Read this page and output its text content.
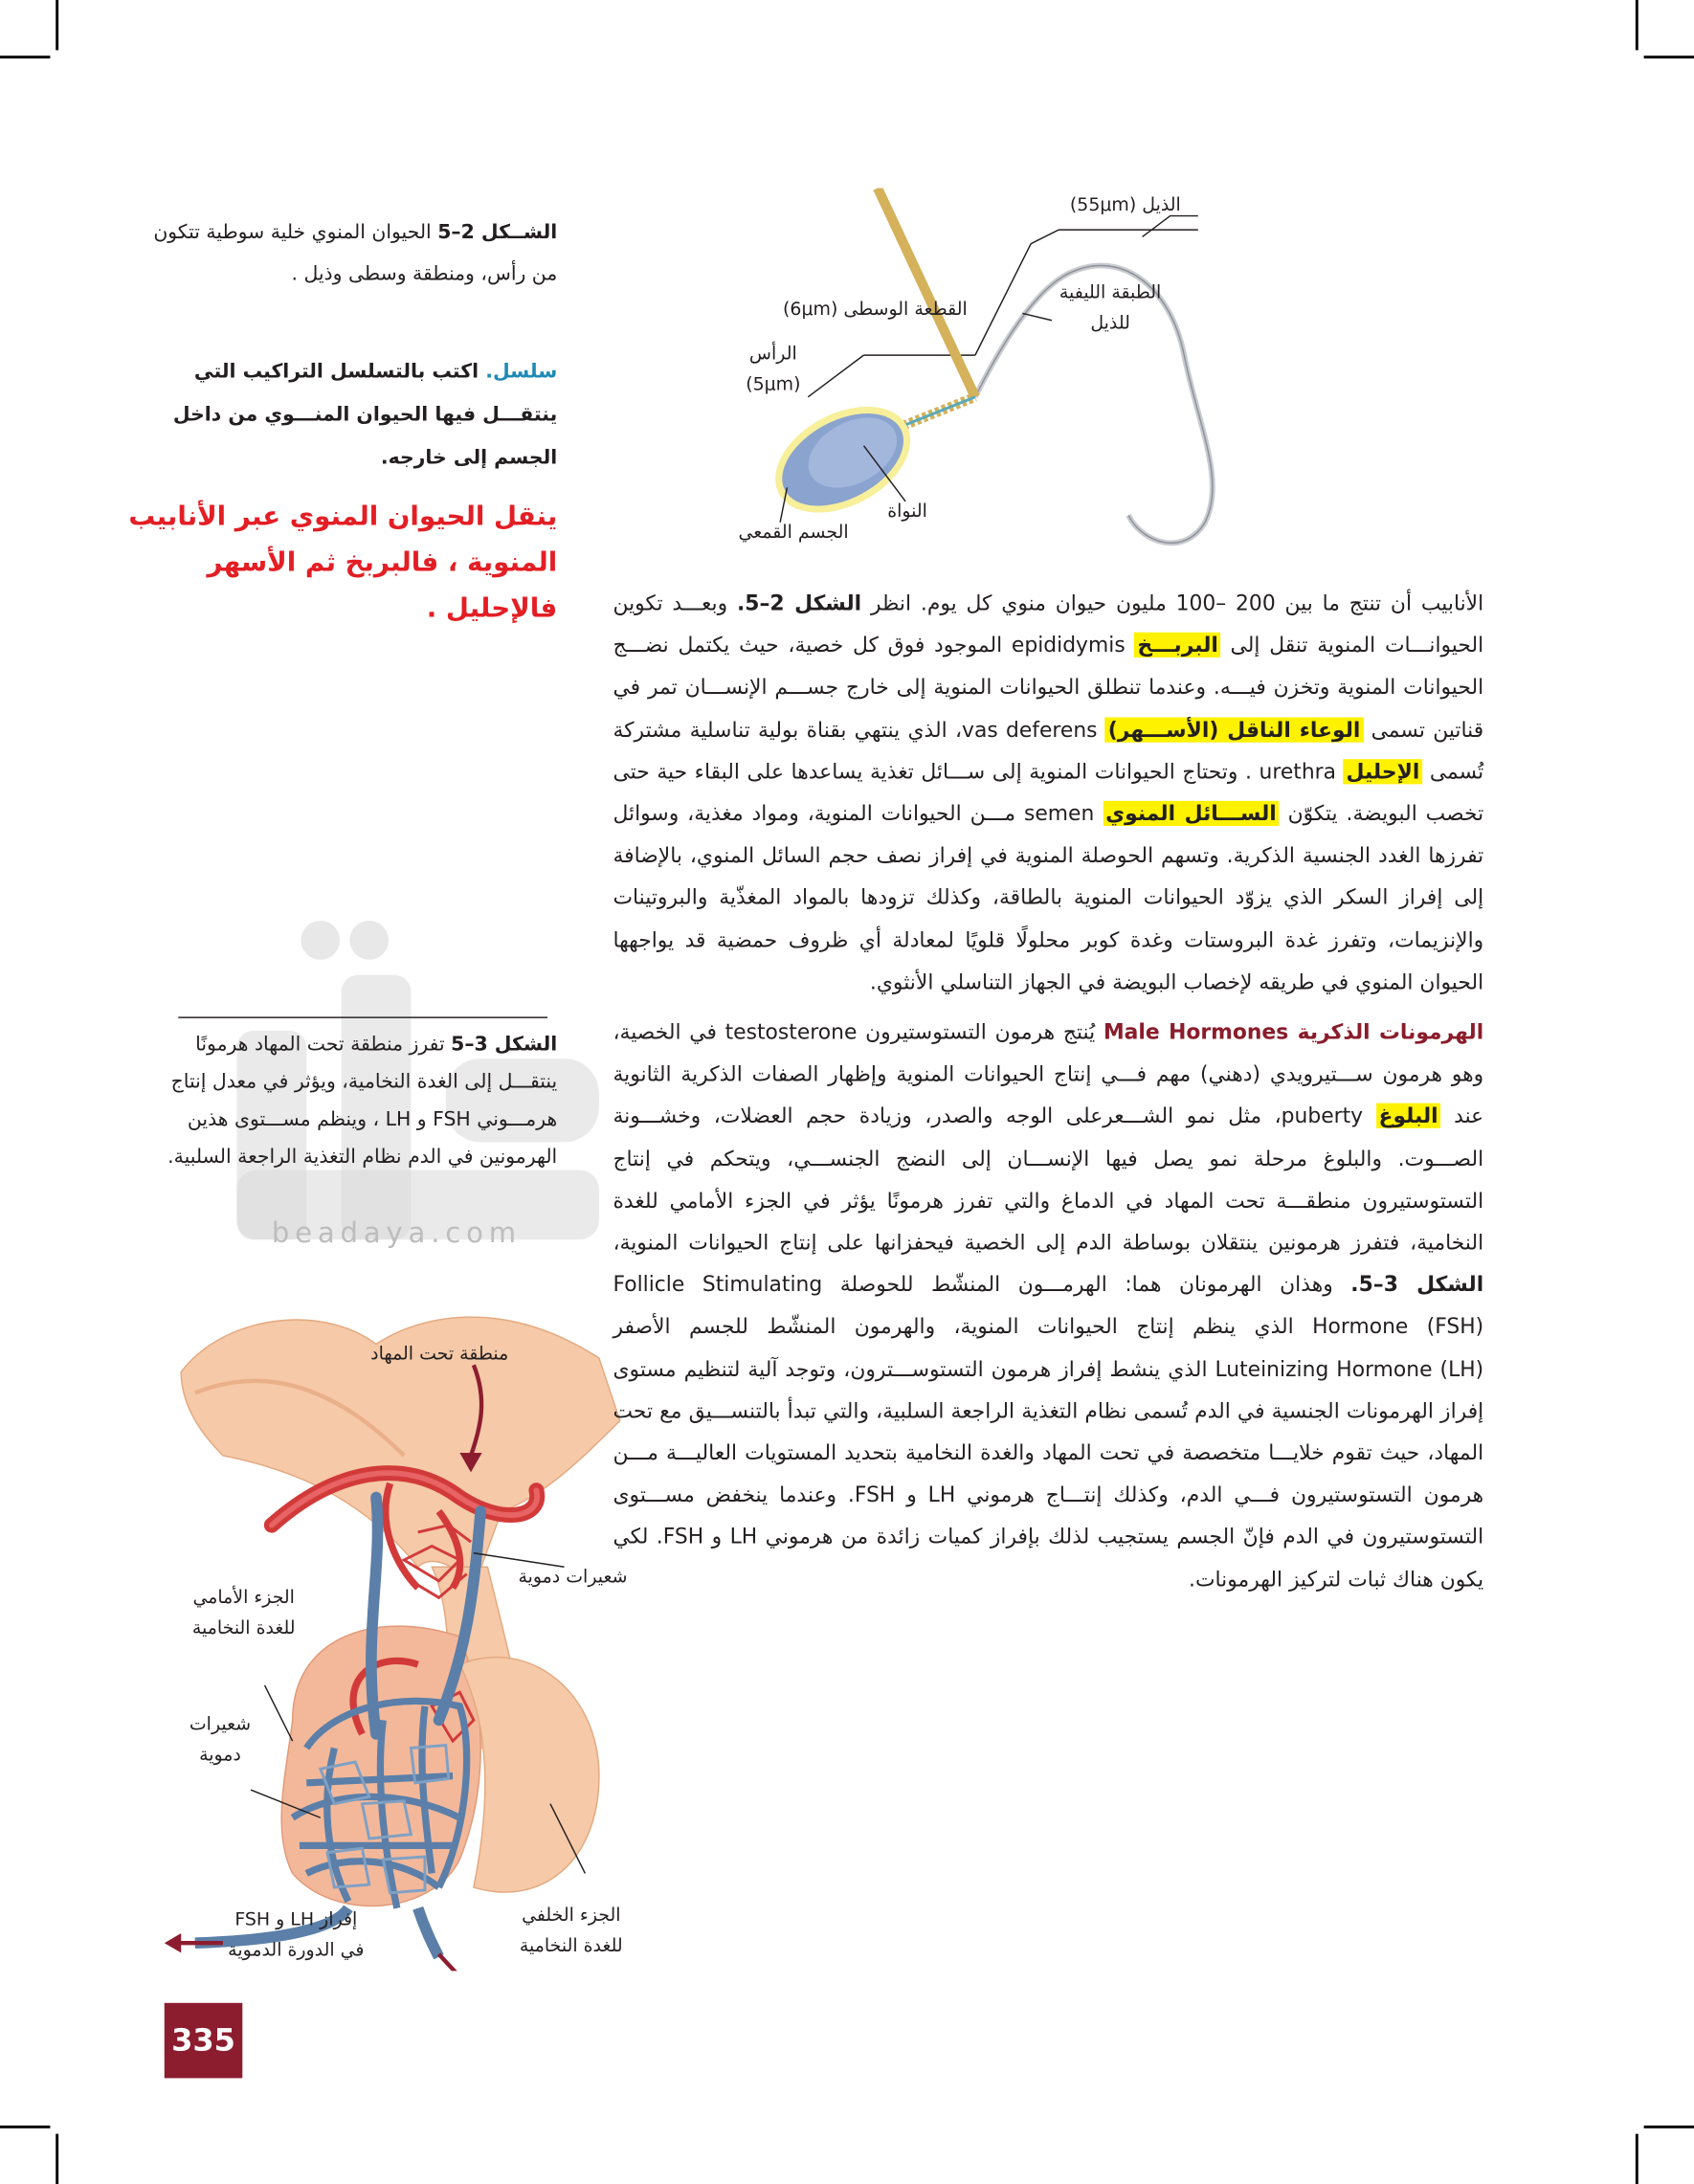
beadaya.com
الذيل (55μm)
القطعة الوسطى (6μm)
الرأس
(5μm)
الطبقة الليفية
للذيل
النواة
الجسم القمعي
الشــكل 2–5 الحيوان المنوي خلية سوطية تتكون من رأس، ومنطقة وسطى وذيل .
سلسل. اكتب بالتسلسل التراكيب التي ينتقـــل فيها الحيوان المنـــوي من داخل الجسم إلى خارجه.
ينقل الحيوان المنوي عبر الأنابيب المنوية ، فالبربخ ثم الأسهر فالإحليل .
الشكل 3–5 تفرز منطقة تحت المهاد هرمونًا ينتقـــل إلى الغدة النخامية، ويؤثر في معدل إنتاج هرمـــوني FSH و LH ، وينظم مســـتوى هذين الهرمونين في الدم نظام التغذية الراجعة السلبية.
منطقة تحت المهاد
شعيرات دموية
الجزء الأمامي
للغدة النخامية
شعيرات
دموية
إفراز LH و FSH
في الدورة الدموية
الجزء الخلفي
للغدة النخامية

الأنابيب أن تنتج ما بين 200 –100 مليون حيوان منوي كل يوم. انظر الشكل 2–5. وبعـــد تكوين الحيوانـــات المنوية تنقل إلى البربـــخ epididymis الموجود فوق كل خصية، حيث يكتمل نضـــج الحيوانات المنوية وتخزن فيـــه. وعندما تنطلق الحيوانات المنوية إلى خارج جســـم الإنســـان تمر في قناتين تسمى الوعاء الناقل (الأســـهر) vas deferens، الذي ينتهي بقناة بولية تناسلية مشتركة تُسمى الإحليل urethra . وتحتاج الحيوانات المنوية إلى ســـائل تغذية يساعدها على البقاء حية حتى تخصب البويضة. يتكوّن الســـائل المنوي semen مـــن الحيوانات المنوية، ومواد مغذية، وسوائل تفرزها الغدد الجنسية الذكرية. وتسهم الحوصلة المنوية في إفراز نصف حجم السائل المنوي، بالإضافة إلى إفراز السكر الذي يزوّد الحيوانات المنوية بالطاقة، وكذلك تزودها بالمواد المغذّية والبروتينات والإنزيمات، وتفرز غدة البروستات وغدة كوبر محلولًا قلويًا لمعادلة أي ظروف حمضية قد يواجهها الحيوان المنوي في طريقه لإخصاب البويضة في الجهاز التناسلي الأنثوي.

الهرمونات الذكرية Male Hormones يُنتج هرمون التستوستيرون testosterone في الخصية، وهو هرمون ســـتيرويدي (دهني) مهم فـــي إنتاج الحيوانات المنوية وإظهار الصفات الذكرية الثانوية عند البلوغ puberty، مثل نمو الشـــعرعلى الوجه والصدر، وزيادة حجم العضلات، وخشـــونة الصـــوت. والبلوغ مرحلة نمو يصل فيها الإنســـان إلى النضج الجنســـي، ويتحكم في إنتاج التستوستيرون منطقـــة تحت المهاد في الدماغ والتي تفرز هرمونًا يؤثر في الجزء الأمامي للغدة النخامية، فتفرز هرمونين ينتقلان بوساطة الدم إلى الخصية فيحفزانها على إنتاج الحيوانات المنوية، الشكل 3–5. وهذان الهرمونان هما: الهرمـــون المنشّط للحوصلة Follicle Stimulating Hormone (FSH) الذي ينظم إنتاج الحيوانات المنوية، والهرمون المنشّط للجسم الأصفر Luteinizing Hormone (LH) الذي ينشط إفراز هرمون التستوســـترون، وتوجد آلية لتنظيم مستوى إفراز الهرمونات الجنسية في الدم تُسمى نظام التغذية الراجعة السلبية، والتي تبدأ بالتنســـيق مع تحت المهاد، حيث تقوم خلايـــا متخصصة في تحت المهاد والغدة النخامية بتحديد المستويات العاليـــة مـــن هرمون التستوستيرون فـــي الدم، وكذلك إنتـــاج هرموني LH و FSH. وعندما ينخفض مســـتوى التستوستيرون في الدم فإنّ الجسم يستجيب لذلك بإفراز كميات زائدة من هرموني LH و FSH. لكي يكون هناك ثبات لتركيز الهرمونات.

335
